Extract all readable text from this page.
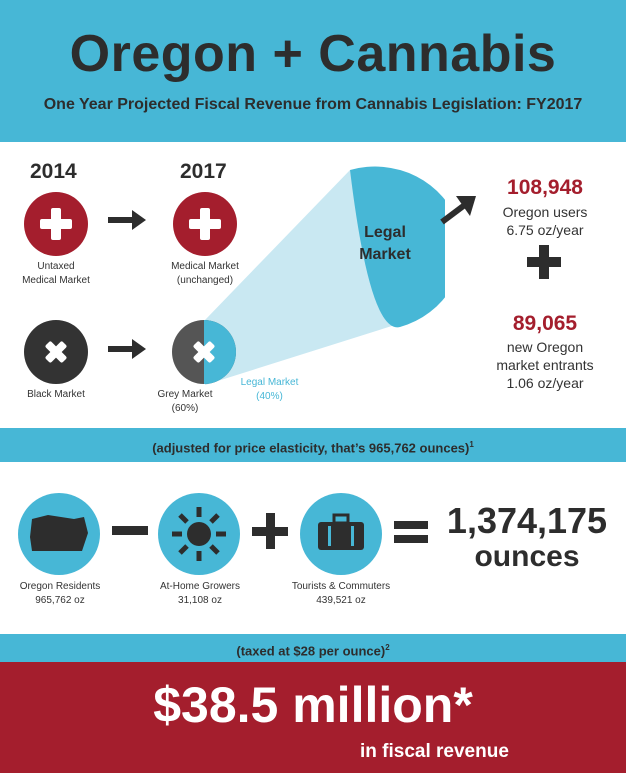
Oregon + Cannabis
One Year Projected Fiscal Revenue from Cannabis Legislation: FY2017
2014	2017
Untaxed
Medical Market
Medical Market
(unchanged)
Legal
Market
Black Market	Grey Market
(60%)
Legal Market
(40%)
108,948
Oregon users
6.75 oz/year
89,065
new Oregon
market entrants
1.06 oz/year
(adjusted for price elasticity, that’s 965,762 ounces)$^1$
Oregon Residents
965,762 oz
At-Home Growers
31,108 oz
Tourists & Commuters
439,521 oz
1,374,175
ounces
(taxed at $28 per ounce)$^2$
$38.5 million*
in fiscal revenue
